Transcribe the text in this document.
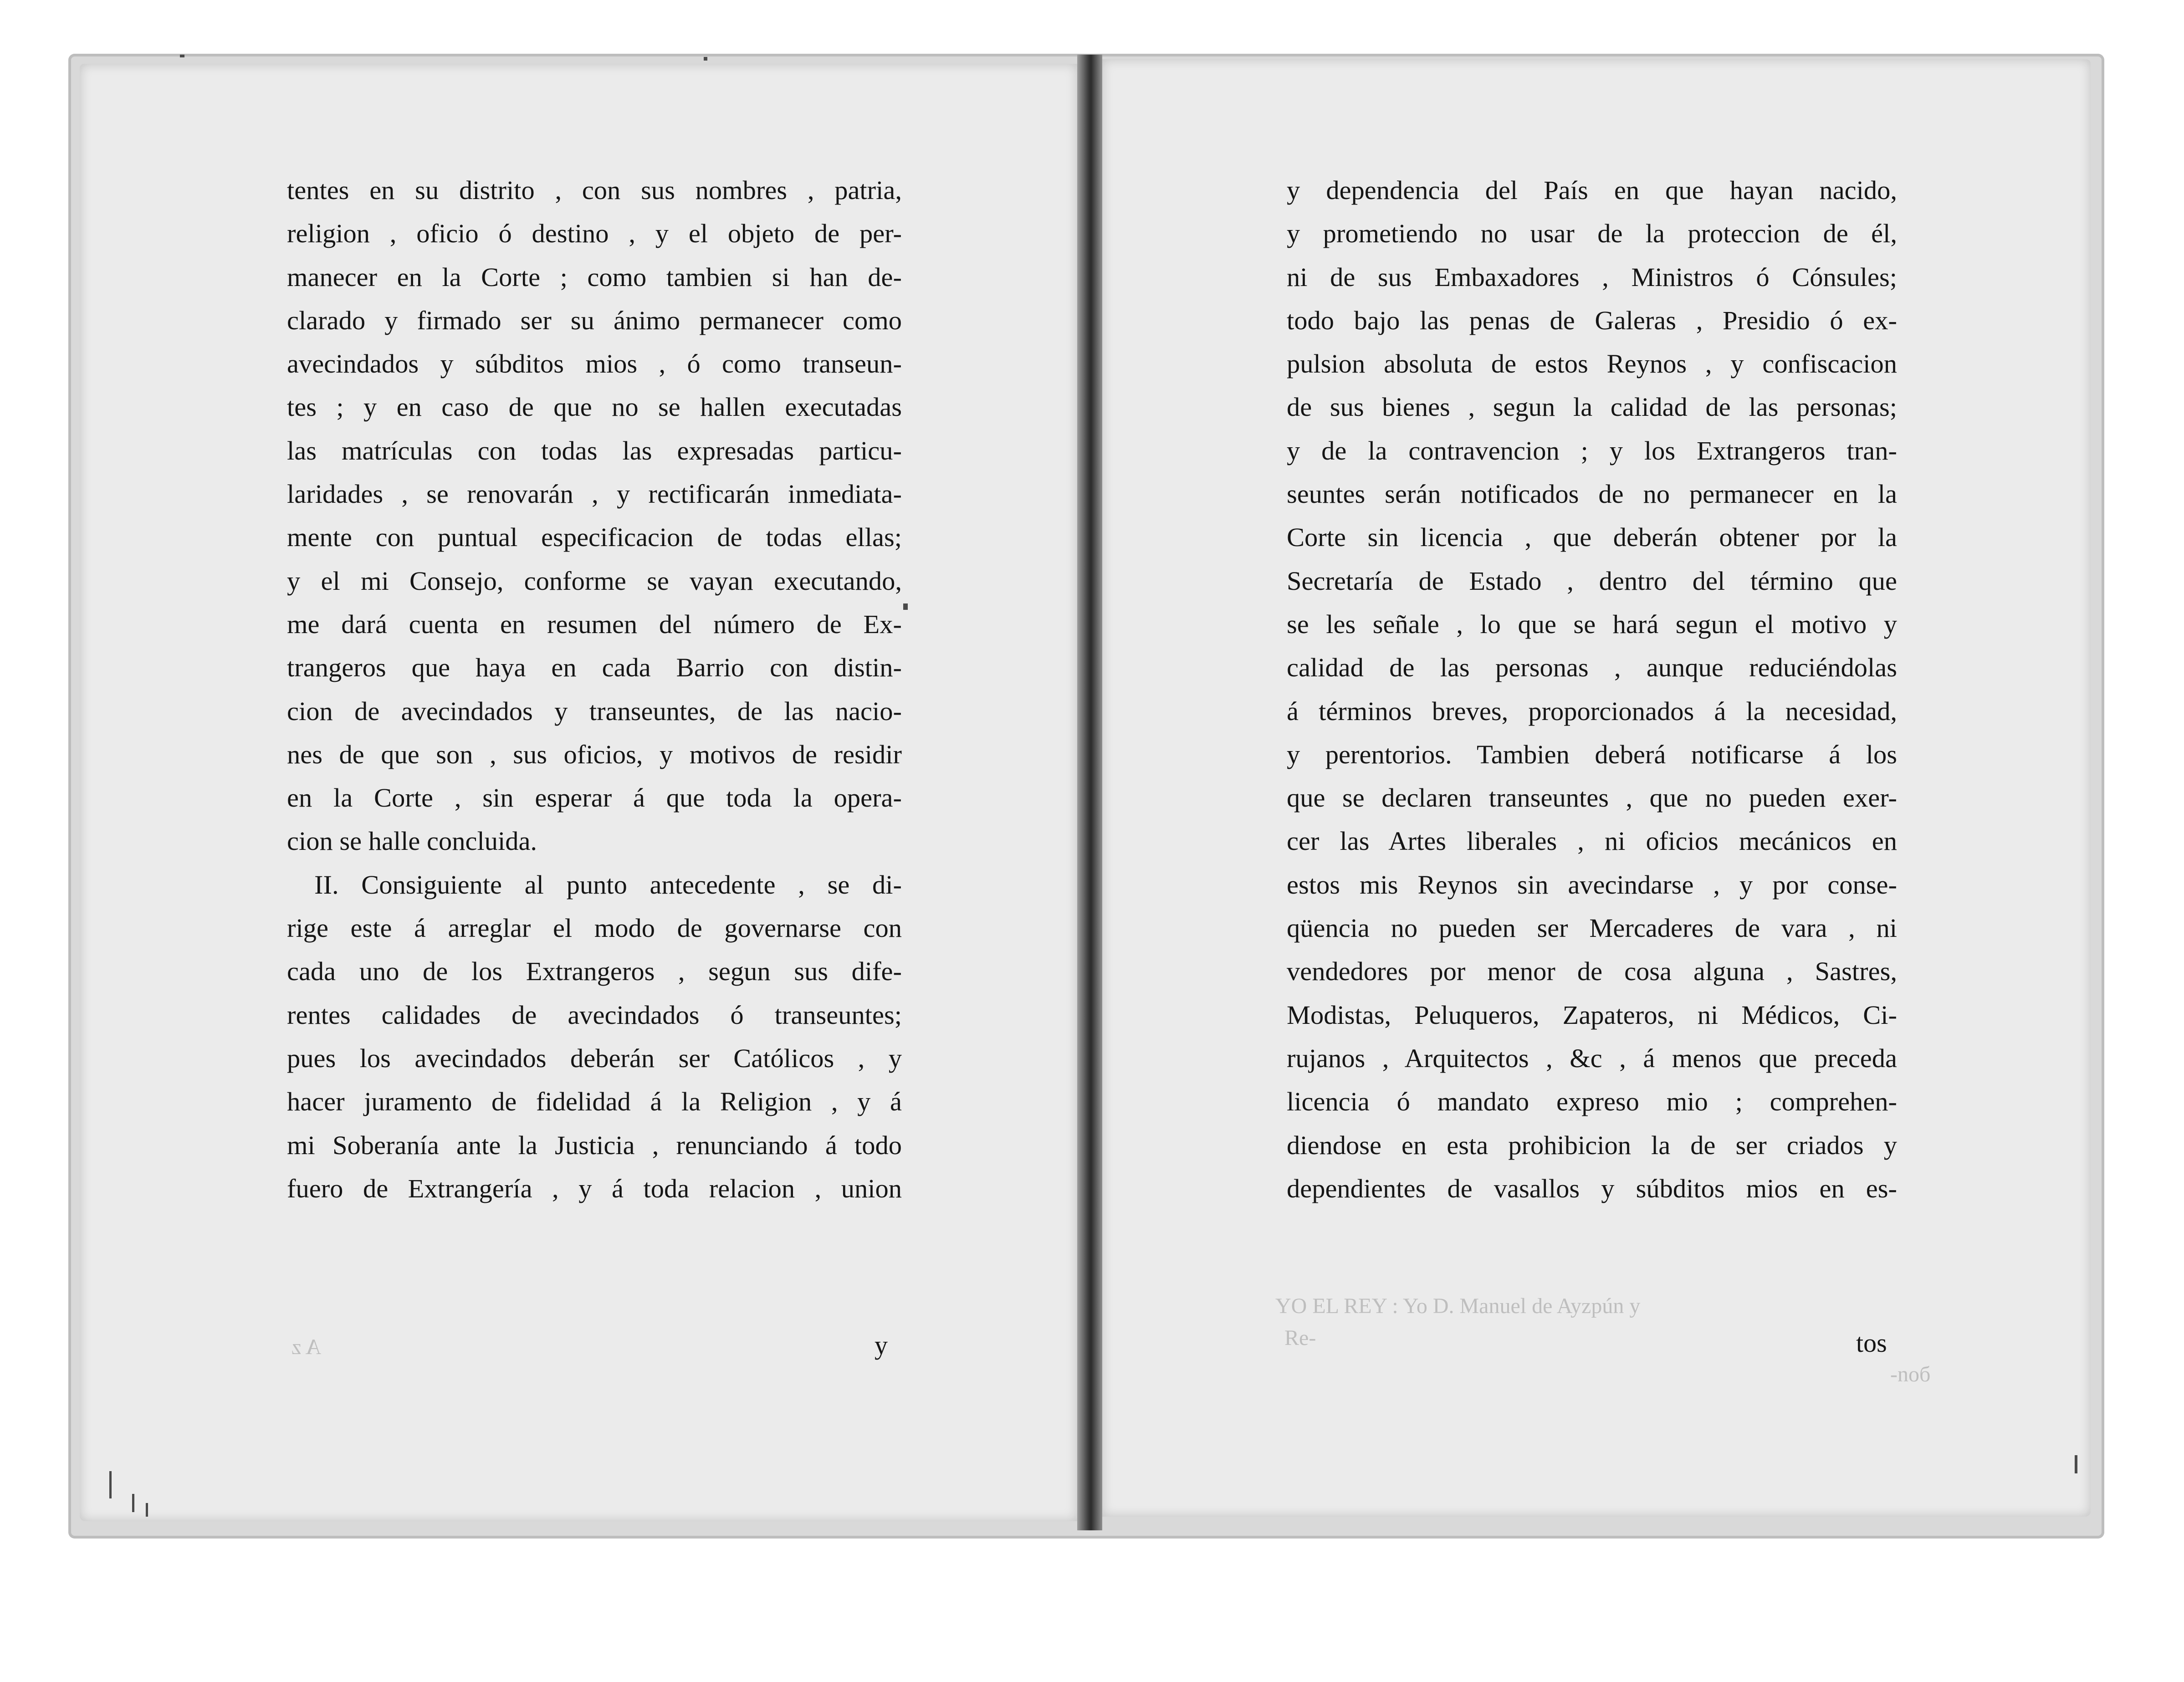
YO EL REY : Yo D. Manuel de Ayzpún y
Re-
-noб
A z
tentes en su distrito , con sus nombres , patria,
religion , oficio ó destino , y el objeto de per-
manecer en la Corte ; como tambien si han de-
clarado y firmado ser su ánimo permanecer como
avecindados y súbditos mios , ó como transeun-
tes ; y en caso de que no se hallen executadas
las matrículas con todas las expresadas particu-
laridades , se renovarán , y rectificarán inmediata-
mente con puntual especificacion de todas ellas;
y el mi Consejo, conforme se vayan executando,
me dará cuenta en resumen del número de Ex-
trangeros que haya en cada Barrio con distin-
cion de avecindados y transeuntes, de las nacio-
nes de que son , sus oficios, y motivos de residir
en la Corte , sin esperar á que toda la opera-
cion se halle concluida.
II. Consiguiente al punto antecedente , se di-
rige este á arreglar el modo de governarse con
cada uno de los Extrangeros , segun sus dife-
rentes calidades de avecindados ó transeuntes;
pues los avecindados deberán ser Católicos , y
hacer juramento de fidelidad á la Religion , y á
mi Soberanía ante la Justicia , renunciando á todo
fuero de Extrangería , y á toda relacion , union
y
y dependencia del País en que hayan nacido,
y prometiendo no usar de la proteccion de él,
ni de sus Embaxadores , Ministros ó Cónsules;
todo bajo las penas de Galeras , Presidio ó ex-
pulsion absoluta de estos Reynos , y confiscacion
de sus bienes , segun la calidad de las personas;
y de la contravencion ; y los Extrangeros tran-
seuntes serán notificados de no permanecer en la
Corte sin licencia , que deberán obtener por la
Secretaría de Estado , dentro del término que
se les señale , lo que se hará segun el motivo y
calidad de las personas , aunque reduciéndolas
á términos breves, proporcionados á la necesidad,
y perentorios. Tambien deberá notificarse á los
que se declaren transeuntes , que no pueden exer-
cer las Artes liberales , ni oficios mecánicos en
estos mis Reynos sin avecindarse , y por conse-
qüencia no pueden ser Mercaderes de vara , ni
vendedores por menor de cosa alguna , Sastres,
Modistas, Peluqueros, Zapateros, ni Médicos, Ci-
rujanos , Arquitectos , &c , á menos que preceda
licencia ó mandato expreso mio ; comprehen-
diendose en esta prohibicion la de ser criados y
dependientes de vasallos y súbditos mios en es-
tos
